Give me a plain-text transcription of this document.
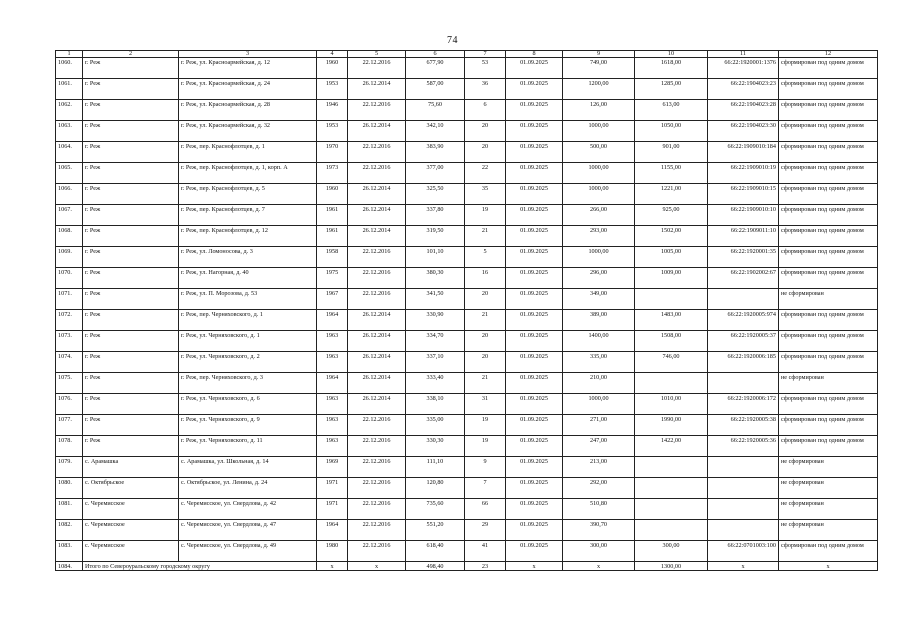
74
1	2	3	4	5	6	7	8	9	10	11	12
1060.	г. Реж	г. Реж, ул. Красноармейская, д. 12	1960	22.12.2016	677,90	53	01.09.2025	749,00	1618,00	66:22:1920001:1376	сформирован под одним домом
1061.	г. Реж	г. Реж, ул. Красноармейская, д. 24	1953	26.12.2014	587,00	36	01.09.2025	1200,00	1285,00	66:22:1904023:23	сформирован под одним домом
1062.	г. Реж	г. Реж, ул. Красноармейская, д. 28	1946	22.12.2016	75,60	6	01.09.2025	126,00	613,00	66:22:1904023:28	сформирован под одним домом
1063.	г. Реж	г. Реж, ул. Красноармейская, д. 32	1953	26.12.2014	342,10	20	01.09.2025	1000,00	1050,00	66:22:1904023:30	сформирован под одним домом
1064.	г. Реж	г. Реж, пер. Краснофлотцев, д. 1	1970	22.12.2016	383,90	20	01.09.2025	500,00	901,00	66:22:1909010:184	сформирован под одним домом
1065.	г. Реж	г. Реж, пер. Краснофлотцев, д. 1, корп. А	1973	22.12.2016	377,00	22	01.09.2025	1000,00	1155,00	66:22:1909010:19	сформирован под одним домом
1066.	г. Реж	г. Реж, пер. Краснофлотцев, д. 5	1960	26.12.2014	325,50	35	01.09.2025	1000,00	1221,00	66:22:1909010:15	сформирован под одним домом
1067.	г. Реж	г. Реж, пер. Краснофлотцев, д. 7	1961	26.12.2014	337,80	19	01.09.2025	266,00	925,00	66:22:1909010:10	сформирован под одним домом
1068.	г. Реж	г. Реж, пер. Краснофлотцев, д. 12	1961	26.12.2014	319,50	21	01.09.2025	293,00	1502,00	66:22:1909011:10	сформирован под одним домом
1069.	г. Реж	г. Реж, ул. Ломоносова, д. 3	1958	22.12.2016	101,10	5	01.09.2025	1000,00	1005,00	66:22:1920001:35	сформирован под одним домом
1070.	г. Реж	г. Реж, ул. Нагорная, д. 40	1975	22.12.2016	380,30	16	01.09.2025	296,00	1009,00	66:22:1902002:67	сформирован под одним домом
1071.	г. Реж	г. Реж, ул. П. Морозова, д. 53	1967	22.12.2016	341,50	20	01.09.2025	349,00			не сформирован
1072.	г. Реж	г. Реж, пер. Черняховского, д. 1	1964	26.12.2014	330,90	21	01.09.2025	389,00	1483,00	66:22:1920005:974	сформирован под одним домом
1073.	г. Реж	г. Реж, ул. Черняховского, д. 1	1963	26.12.2014	334,70	20	01.09.2025	1400,00	1508,00	66:22:1920005:37	сформирован под одним домом
1074.	г. Реж	г. Реж, ул. Черняховского, д. 2	1963	26.12.2014	337,10	20	01.09.2025	335,00	746,00	66:22:1920006:185	сформирован под одним домом
1075.	г. Реж	г. Реж, пер. Черняховского, д. 3	1964	26.12.2014	333,40	21	01.09.2025	210,00			не сформирован
1076.	г. Реж	г. Реж, ул. Черняховского, д. 6	1963	26.12.2014	338,10	31	01.09.2025	1000,00	1010,00	66:22:1920006:172	сформирован под одним домом
1077.	г. Реж	г. Реж, ул. Черняховского, д. 9	1963	22.12.2016	335,00	19	01.09.2025	271,00	1990,00	66:22:1920005:38	сформирован под одним домом
1078.	г. Реж	г. Реж, ул. Черняховского, д. 11	1963	22.12.2016	330,30	19	01.09.2025	247,00	1422,00	66:22:1920005:36	сформирован под одним домом
1079.	с. Арамашка	с. Арамашка, ул. Школьная, д. 14	1969	22.12.2016	111,10	9	01.09.2025	213,00			не сформирован
1080.	с. Октябрьское	с. Октябрьское, ул. Ленина, д. 24	1971	22.12.2016	120,80	7	01.09.2025	292,00			не сформирован
1081.	с. Черемисское	с. Черемисское, ул. Свердлова, д. 42	1971	22.12.2016	735,60	66	01.09.2025	510,80			не сформирован
1082.	с. Черемисское	с. Черемисское, ул. Свердлова, д. 47	1964	22.12.2016	551,20	29	01.09.2025	390,70			не сформирован
1083.	с. Черемисское	с. Черемисское, ул. Свердлова, д. 49	1980	22.12.2016	618,40	41	01.09.2025	300,00	300,00	66:22:0701003:100	сформирован под одним домом
1084.	Итого по Североуральскому городскому округу		x	x	498,40	23	x	x	1300,00	x	x
